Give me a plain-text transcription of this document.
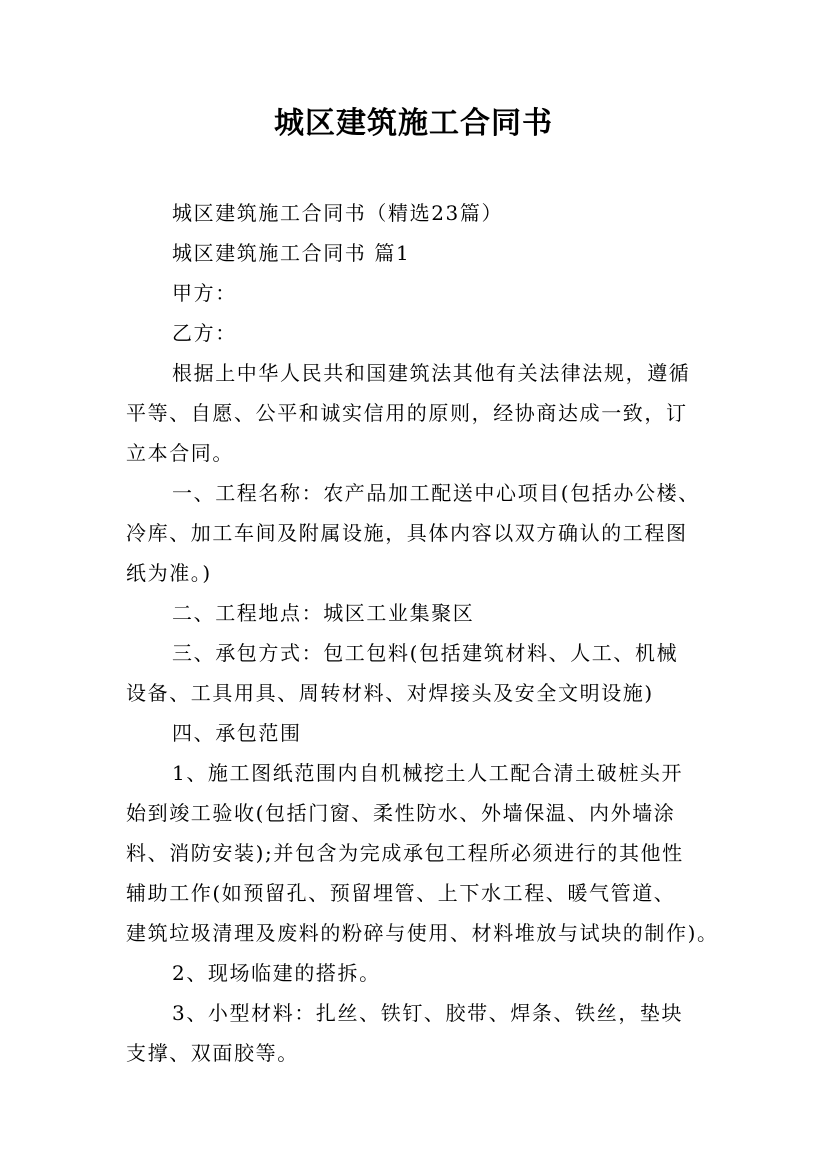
城区建筑施工合同书
城区建筑施工合同书（精选23篇）
城区建筑施工合同书 篇1
甲方：
乙方：
根据上中华人民共和国建筑法其他有关法律法规，遵循
平等、自愿、公平和诚实信用的原则，经协商达成一致，订
立本合同。
一、工程名称：农产品加工配送中心项目(包括办公楼、
冷库、加工车间及附属设施，具体内容以双方确认的工程图
纸为准。)
二、工程地点：城区工业集聚区
三、承包方式：包工包料(包括建筑材料、人工、机械
设备、工具用具、周转材料、对焊接头及安全文明设施)
四、承包范围
1、施工图纸范围内自机械挖土人工配合清土破桩头开
始到竣工验收(包括门窗、柔性防水、外墙保温、内外墙涂
料、消防安装);并包含为完成承包工程所必须进行的其他性
辅助工作(如预留孔、预留埋管、上下水工程、暖气管道、
建筑垃圾清理及废料的粉碎与使用、材料堆放与试块的制作)。
2、现场临建的搭拆。
3、小型材料：扎丝、铁钉、胶带、焊条、铁丝，垫块
支撑、双面胶等。
